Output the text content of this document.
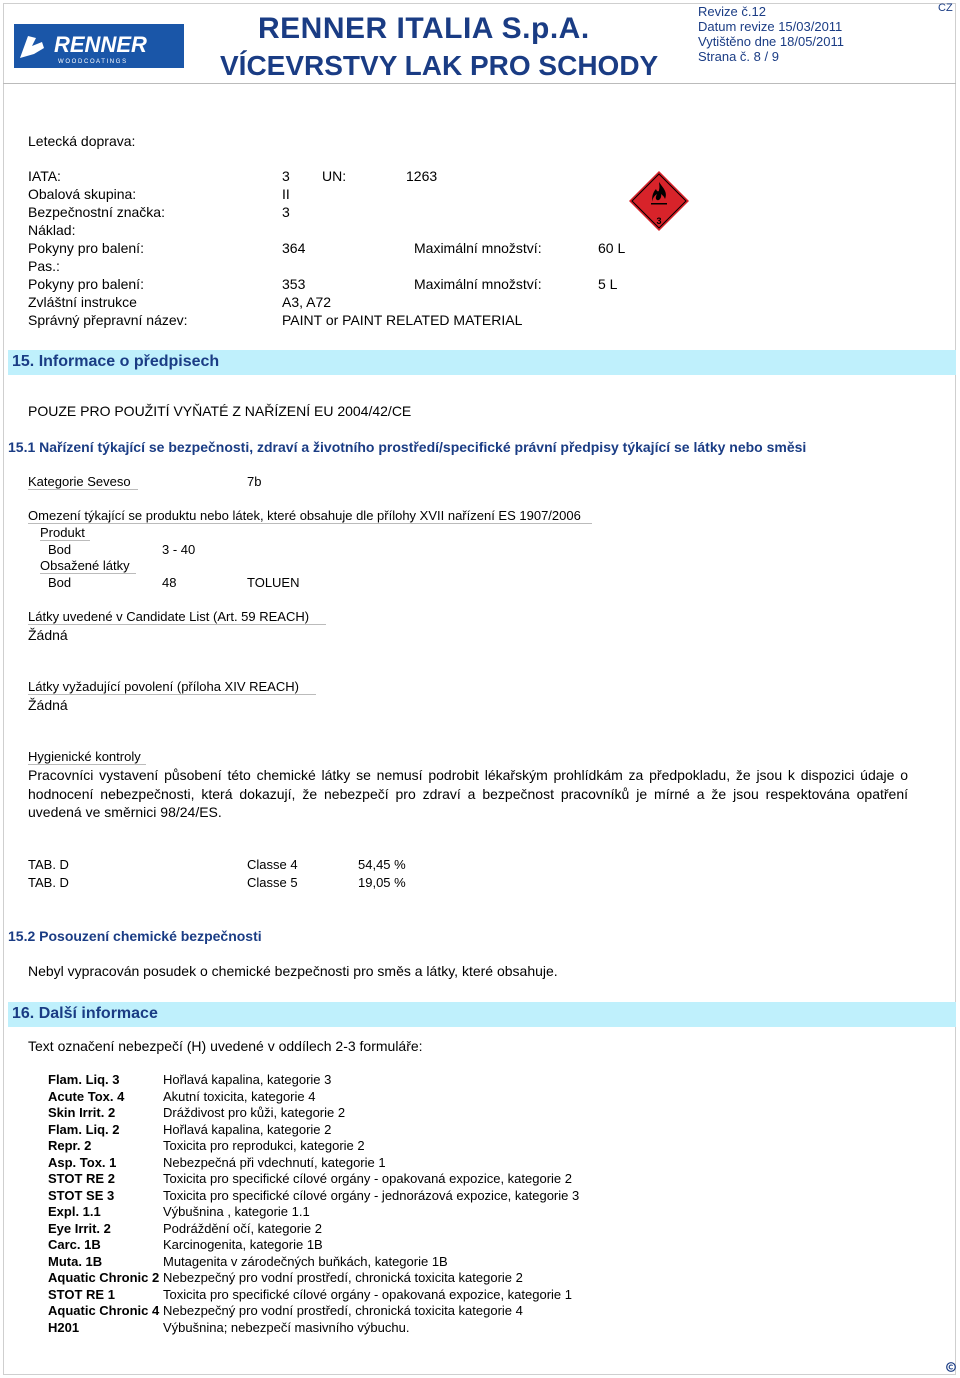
RENNER
W O O D C O A T I N G S
RENNER ITALIA S.p.A.
VÍCEVRSTVY LAK PRO SCHODY
Revize č.12
Datum revize 15/03/2011
Vytištěno dne 18/05/2011
Strana č. 8 / 9
CZ
Letecká doprava:
IATA:	3 UN:	1263
Obalová skupina:	II
Bezpečnostní značka:	3
Náklad:
Pokyny pro balení:	364	Maximální množství:	60 L
Pas.:
Pokyny pro balení:	353	Maximální množství:	5 L
Zvláštní instrukce	A3, A72
Správný přepravní název:	PAINT or PAINT RELATED MATERIAL
3
15. Informace o předpisech
POUZE PRO POUŽITÍ VYŇATÉ Z NAŘÍZENÍ EU 2004/42/CE
15.1 Nařízení týkající se bezpečnosti, zdraví a životního prostředí/specifické právní předpisy týkající se látky nebo směsi
Kategorie Seveso	7b
Omezení týkající se produktu nebo látek, které obsahuje dle přílohy XVII nařízení ES 1907/2006
Produkt
Bod	3 - 40
Obsažené látky
Bod	48	TOLUEN
Látky uvedené v Candidate List (Art. 59 REACH)
Žádná
Látky vyžadující povolení (příloha XIV REACH)
Žádná
Hygienické kontroly
Pracovníci vystavení působení této chemické látky se nemusí podrobit lékařským prohlídkám za předpokladu, že jsou k dispozici údaje o hodnocení nebezpečnosti, která dokazují, že nebezpečí pro zdraví a bezpečnost pracovníků je mírné a že jsou respektována opatření uvedená ve směrnici 98/24/ES.
TAB. D	Classe 4	54,45 %
TAB. D	Classe 5	19,05 %
15.2 Posouzení chemické bezpečnosti
Nebyl vypracován posudek o chemické bezpečnosti pro směs a látky, které obsahuje.
16. Další informace
Text označení nebezpečí (H) uvedené v oddílech 2-3 formuláře:
Flam. Liq. 3	Hořlavá kapalina, kategorie 3
Acute Tox. 4	Akutní toxicita, kategorie 4
Skin Irrit. 2	Dráždivost pro kůži, kategorie 2
Flam. Liq. 2	Hořlavá kapalina, kategorie 2
Repr. 2	Toxicita pro reprodukci, kategorie 2
Asp. Tox. 1	Nebezpečná při vdechnutí, kategorie 1
STOT RE 2	Toxicita pro specifické cílové orgány - opakovaná expozice, kategorie 2
STOT SE 3	Toxicita pro specifické cílové orgány - jednorázová expozice, kategorie 3
Expl. 1.1	Výbušnina , kategorie 1.1
Eye Irrit. 2	Podráždění očí, kategorie 2
Carc. 1B	Karcinogenita, kategorie 1B
Muta. 1B	Mutagenita v zárodečných buňkách, kategorie 1B
Aquatic Chronic 2 Nebezpečný pro vodní prostředí, chronická toxicita kategorie 2
STOT RE 1	Toxicita pro specifické cílové orgány - opakovaná expozice, kategorie 1
Aquatic Chronic 4 Nebezpečný pro vodní prostředí, chronická toxicita kategorie 4
H201	Výbušnina; nebezpečí masivního výbuchu.
